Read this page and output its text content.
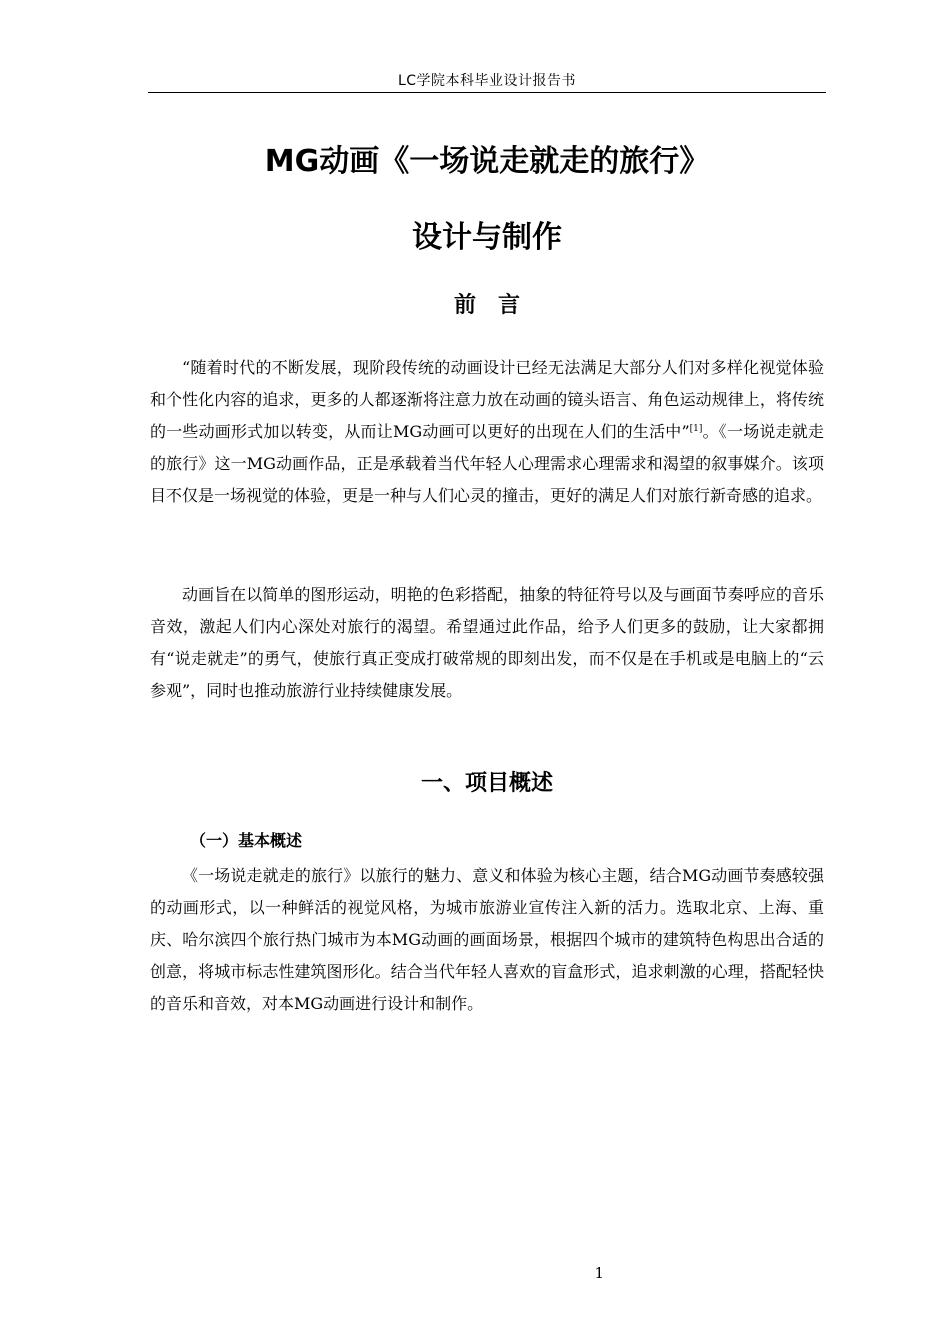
LC学院本科毕业设计报告书
MG动画《一场说走就走的旅行》
设计与制作
前言

“随着时代的不断发展，现阶段传统的动画设计已经无法满足大部分人们对多样化视觉体验和个性化内容的追求，更多的人都逐渐将注意力放在动画的镜头语言、角色运动规律上，将传统的一些动画形式加以转变，从而让MG动画可以更好的出现在人们的生活中”[1]。《一场说走就走的旅行》这一MG动画作品，正是承载着当代年轻人心理需求心理需求和渴望的叙事媒介。该项目不仅是一场视觉的体验，更是一种与人们心灵的撞击，更好的满足人们对旅行新奇感的追求。

动画旨在以简单的图形运动，明艳的色彩搭配，抽象的特征符号以及与画面节奏呼应的音乐音效，激起人们内心深处对旅行的渴望。希望通过此作品，给予人们更多的鼓励，让大家都拥有“说走就走”的勇气，使旅行真正变成打破常规的即刻出发，而不仅是在手机或是电脑上的“云参观”，同时也推动旅游行业持续健康发展。

一、项目概述
（一）基本概述

《一场说走就走的旅行》以旅行的魅力、意义和体验为核心主题，结合MG动画节奏感较强的动画形式，以一种鲜活的视觉风格，为城市旅游业宣传注入新的活力。选取北京、上海、重庆、哈尔滨四个旅行热门城市为本MG动画的画面场景，根据四个城市的建筑特色构思出合适的创意，将城市标志性建筑图形化。结合当代年轻人喜欢的盲盒形式，追求刺激的心理，搭配轻快的音乐和音效，对本MG动画进行设计和制作。

1
